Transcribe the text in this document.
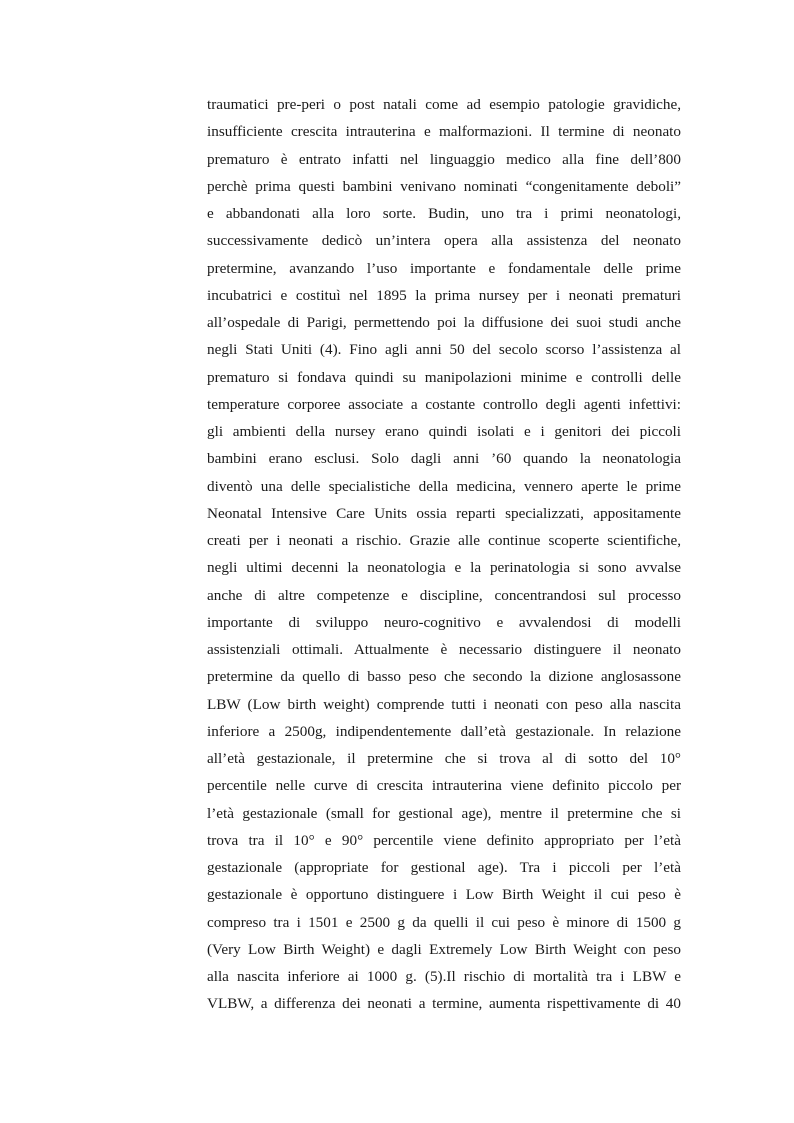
traumatici pre-peri o post natali come ad esempio patologie gravidiche,
insufficiente crescita intrauterina e malformazioni. Il termine di neonato
prematuro è entrato infatti nel linguaggio medico alla fine dell’800
perchè prima questi bambini venivano nominati “congenitamente deboli”
e abbandonati alla loro sorte. Budin, uno tra i primi neonatologi,
successivamente dedicò un’intera opera alla assistenza del neonato
pretermine, avanzando l’uso importante e fondamentale delle prime
incubatrici e costituì nel 1895 la prima nursey per i neonati prematuri
all’ospedale di Parigi, permettendo poi la diffusione dei suoi studi anche
negli Stati Uniti (4). Fino agli anni 50 del secolo scorso l’assistenza al
prematuro si fondava quindi su manipolazioni minime e controlli delle
temperature corporee associate a costante controllo degli agenti infettivi:
gli ambienti della nursey erano quindi isolati e i genitori dei piccoli
bambini erano esclusi. Solo dagli anni ’60 quando la neonatologia
diventò una delle specialistiche della medicina, vennero aperte le prime
Neonatal Intensive Care Units ossia reparti specializzati, appositamente
creati per i neonati a rischio. Grazie alle continue scoperte scientifiche,
negli ultimi decenni la neonatologia e la perinatologia si sono avvalse
anche di altre competenze e discipline, concentrandosi sul processo
importante di sviluppo neuro-cognitivo e avvalendosi di modelli
assistenziali ottimali. Attualmente è necessario distinguere il neonato
pretermine da quello di basso peso che secondo la dizione anglosassone
LBW (Low birth weight) comprende tutti i neonati con peso alla nascita
inferiore a 2500g, indipendentemente dall’età gestazionale. In relazione
all’età gestazionale, il pretermine che si trova al di sotto del 10°
percentile nelle curve di crescita intrauterina viene definito piccolo per
l’età gestazionale (small for gestional age), mentre il pretermine che si
trova tra il 10° e 90° percentile viene definito appropriato per l’età
gestazionale (appropriate for gestional age). Tra i piccoli per l’età
gestazionale è opportuno distinguere i Low Birth Weight il cui peso è
compreso tra i 1501 e 2500 g da quelli il cui peso è minore di 1500 g
(Very Low Birth Weight) e dagli Extremely Low Birth Weight con peso
alla nascita inferiore ai 1000 g. (5).Il rischio di mortalità tra i LBW e
VLBW, a differenza dei neonati a termine, aumenta rispettivamente di 40
